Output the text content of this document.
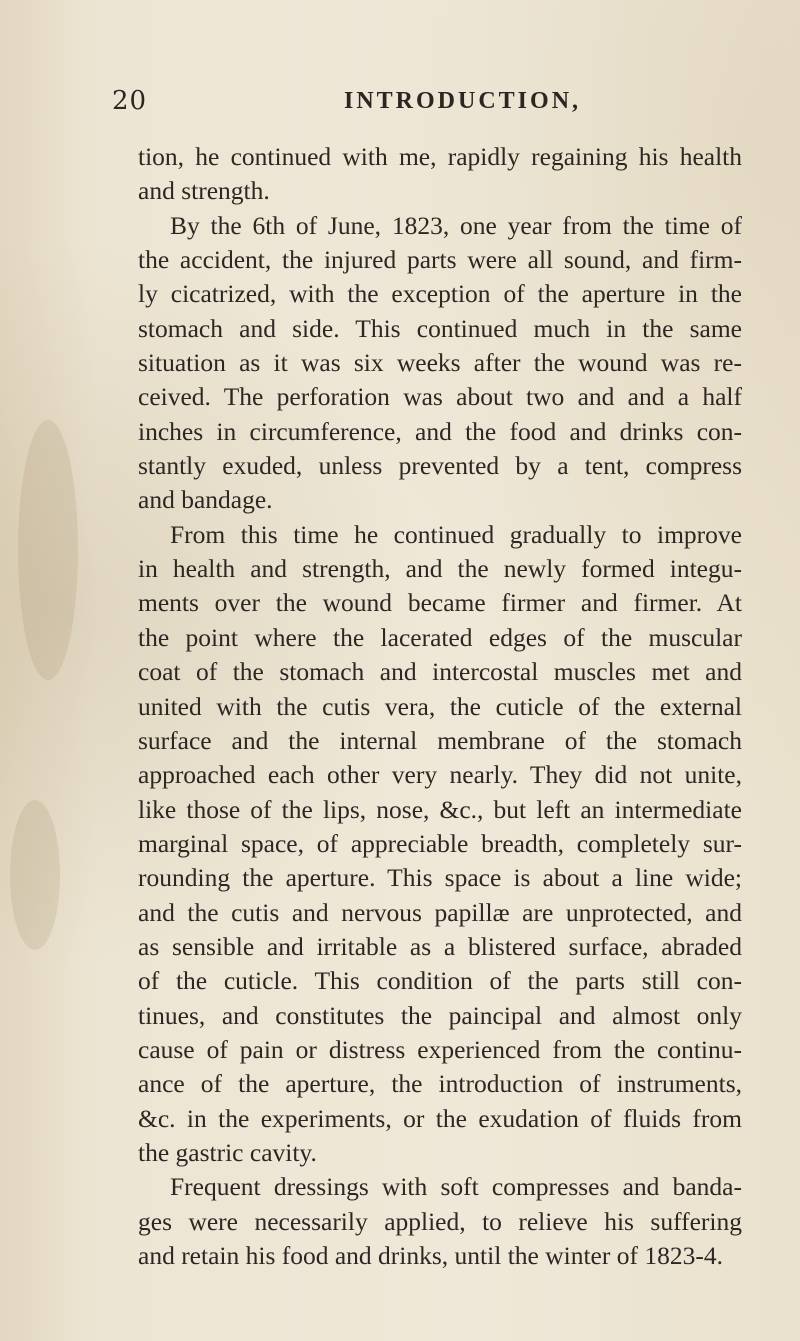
20	INTRODUCTION,
tion, he continued with me, rapidly regaining his health
and strength.
By the 6th of June, 1823, one year from the time of
the accident, the injured parts were all sound, and firm-
ly cicatrized, with the exception of the aperture in the
stomach and side. This continued much in the same
situation as it was six weeks after the wound was re-
ceived. The perforation was about two and and a half
inches in circumference, and the food and drinks con-
stantly exuded, unless prevented by a tent, compress
and bandage.
From this time he continued gradually to improve
in health and strength, and the newly formed integu-
ments over the wound became firmer and firmer. At
the point where the lacerated edges of the muscular
coat of the stomach and intercostal muscles met and
united with the cutis vera, the cuticle of the external
surface and the internal membrane of the stomach
approached each other very nearly. They did not unite,
like those of the lips, nose, &c., but left an intermediate
marginal space, of appreciable breadth, completely sur-
rounding the aperture. This space is about a line wide;
and the cutis and nervous papillæ are unprotected, and
as sensible and irritable as a blistered surface, abraded
of the cuticle. This condition of the parts still con-
tinues, and constitutes the paincipal and almost only
cause of pain or distress experienced from the continu-
ance of the aperture, the introduction of instruments,
&c. in the experiments, or the exudation of fluids from
the gastric cavity.
Frequent dressings with soft compresses and banda-
ges were necessarily applied, to relieve his suffering
and retain his food and drinks, until the winter of 1823-4.
